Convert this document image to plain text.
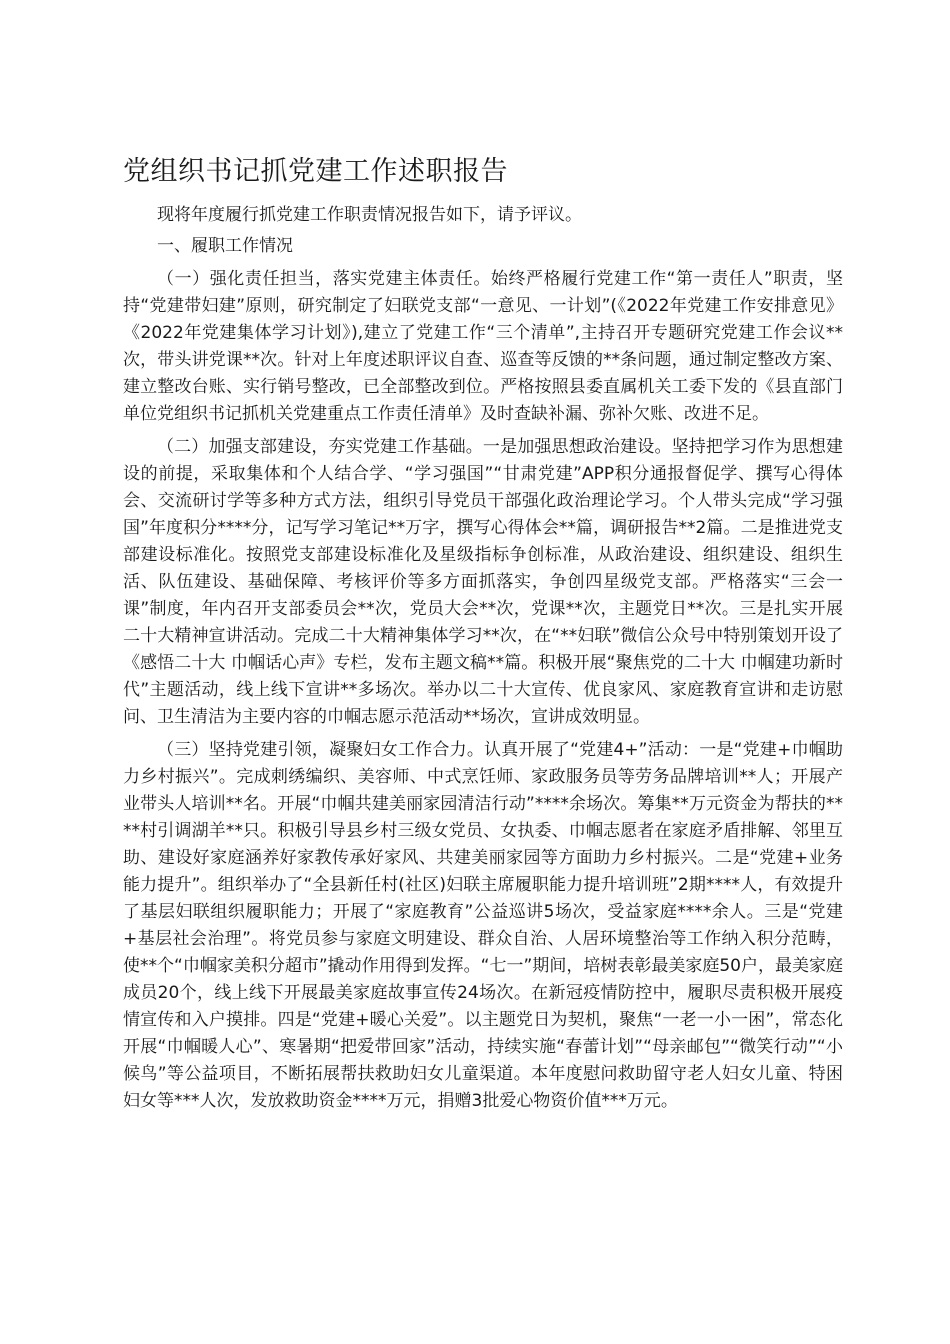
党组织书记抓党建工作述职报告

现将年度履行抓党建工作职责情况报告如下，请予评议。

一、履职工作情况

（一）强化责任担当，落实党建主体责任。始终严格履行党建工作“第一责任人”职责，坚持“党建带妇建”原则，研究制定了妇联党支部“一意见、一计划”(《2022年党建工作安排意见》《2022年党建集体学习计划》),建立了党建工作“三个清单”,主持召开专题研究党建工作会议**次，带头讲党课**次。针对上年度述职评议自查、巡查等反馈的**条问题，通过制定整改方案、建立整改台账、实行销号整改，已全部整改到位。严格按照县委直属机关工委下发的《县直部门单位党组织书记抓机关党建重点工作责任清单》及时查缺补漏、弥补欠账、改进不足。

（二）加强支部建设，夯实党建工作基础。一是加强思想政治建设。坚持把学习作为思想建设的前提，采取集体和个人结合学、“学习强国”“甘肃党建”APP积分通报督促学、撰写心得体会、交流研讨学等多种方式方法，组织引导党员干部强化政治理论学习。个人带头完成“学习强国”年度积分****分，记写学习笔记**万字，撰写心得体会**篇，调研报告**2篇。二是推进党支部建设标准化。按照党支部建设标准化及星级指标争创标准，从政治建设、组织建设、组织生活、队伍建设、基础保障、考核评价等多方面抓落实，争创四星级党支部。严格落实“三会一课”制度，年内召开支部委员会**次，党员大会**次，党课**次，主题党日**次。三是扎实开展二十大精神宣讲活动。完成二十大精神集体学习**次，在“**妇联”微信公众号中特别策划开设了《感悟二十大 巾帼话心声》专栏，发布主题文稿**篇。积极开展“聚焦党的二十大 巾帼建功新时代”主题活动，线上线下宣讲**多场次。举办以二十大宣传、优良家风、家庭教育宣讲和走访慰问、卫生清洁为主要内容的巾帼志愿示范活动**场次，宣讲成效明显。

（三）坚持党建引领，凝聚妇女工作合力。认真开展了“党建4+”活动：一是“党建+巾帼助力乡村振兴”。完成刺绣编织、美容师、中式烹饪师、家政服务员等劳务品牌培训**人；开展产业带头人培训**名。开展“巾帼共建美丽家园清洁行动”****余场次。筹集**万元资金为帮扶的****村引调湖羊**只。积极引导县乡村三级女党员、女执委、巾帼志愿者在家庭矛盾排解、邻里互助、建设好家庭涵养好家教传承好家风、共建美丽家园等方面助力乡村振兴。二是“党建+业务能力提升”。组织举办了“全县新任村(社区)妇联主席履职能力提升培训班”2期****人，有效提升了基层妇联组织履职能力；开展了“家庭教育”公益巡讲5场次，受益家庭****余人。三是“党建+基层社会治理”。将党员参与家庭文明建设、群众自治、人居环境整治等工作纳入积分范畴，使**个“巾帼家美积分超市”撬动作用得到发挥。“七一”期间，培树表彰最美家庭50户，最美家庭成员20个，线上线下开展最美家庭故事宣传24场次。在新冠疫情防控中，履职尽责积极开展疫情宣传和入户摸排。四是“党建+暖心关爱”。以主题党日为契机，聚焦“一老一小一困”，常态化开展“巾帼暖人心”、寒暑期“把爱带回家”活动，持续实施“春蕾计划”“母亲邮包”“微笑行动”“小候鸟”等公益项目，不断拓展帮扶救助妇女儿童渠道。本年度慰问救助留守老人妇女儿童、特困妇女等***人次，发放救助资金****万元，捐赠3批爱心物资价值***万元。
